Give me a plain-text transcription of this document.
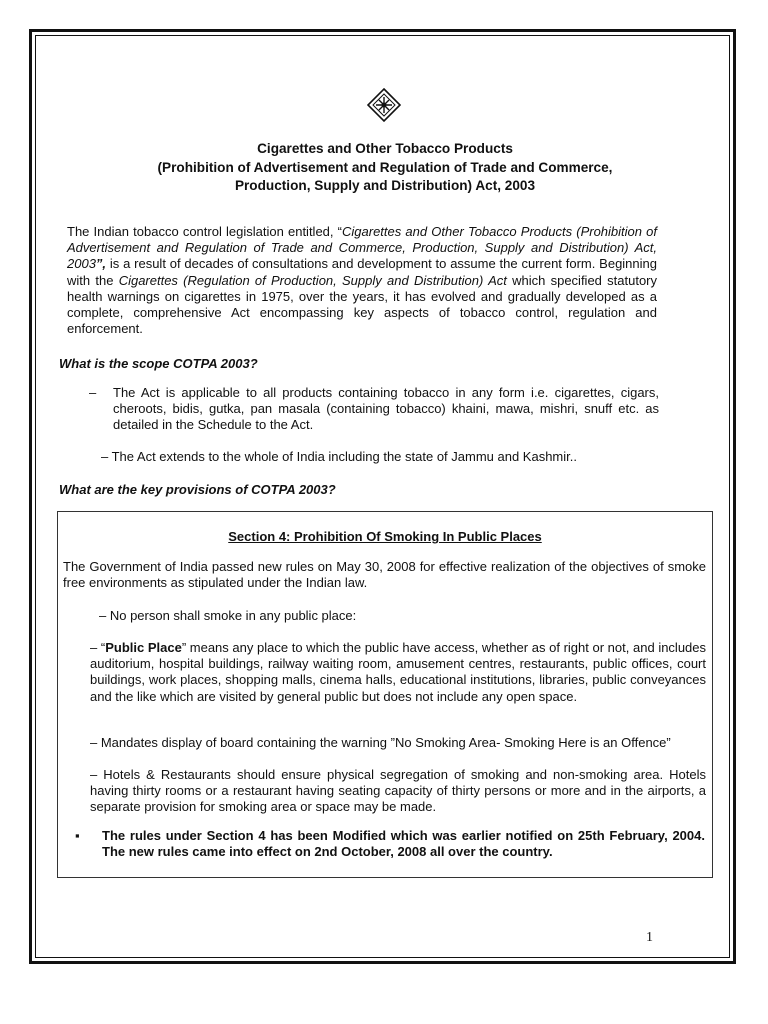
Cigarettes and Other Tobacco Products
(Prohibition of Advertisement and Regulation of Trade and Commerce,
Production, Supply and Distribution) Act, 2003
The Indian tobacco control legislation entitled, “Cigarettes and Other Tobacco Products (Prohibition of Advertisement and Regulation of Trade and Commerce, Production, Supply and Distribution) Act, 2003”, is a result of decades of consultations and development to assume the current form. Beginning with the Cigarettes (Regulation of Production, Supply and Distribution) Act which specified statutory health warnings on cigarettes in 1975, over the years, it has evolved and gradually developed as a complete, comprehensive Act encompassing key aspects of tobacco control, regulation and enforcement.
What is the scope COTPA 2003?
– The Act is applicable to all products containing tobacco in any form i.e. cigarettes, cigars, cheroots, bidis, gutka, pan masala (containing tobacco) khaini, mawa, mishri, snuff etc. as detailed in the Schedule to the Act.
– The Act extends to the whole of India including the state of Jammu and Kashmir..
What are the key provisions of COTPA 2003?
Section 4: Prohibition Of Smoking In Public Places
The Government of India passed new rules on May 30, 2008 for effective realization of the objectives of smoke free environments as stipulated under the Indian law.
– No person shall smoke in any public place:
– “Public Place” means any place to which the public have access, whether as of right or not, and includes auditorium, hospital buildings, railway waiting room, amusement centres, restaurants, public offices, court buildings, work places, shopping malls, cinema halls, educational institutions, libraries, public conveyances and the like which are visited by general public but does not include any open space.
– Mandates display of board containing the warning ”No Smoking Area- Smoking Here is an Offence”
– Hotels & Restaurants should ensure physical segregation of smoking and non-smoking area. Hotels having thirty rooms or a restaurant having seating capacity of thirty persons or more and in the airports, a separate provision for smoking area or space may be made.
▪ The rules under Section 4 has been Modified which was earlier notified on 25th February, 2004. The new rules came into effect on 2nd October, 2008 all over the country.
1
